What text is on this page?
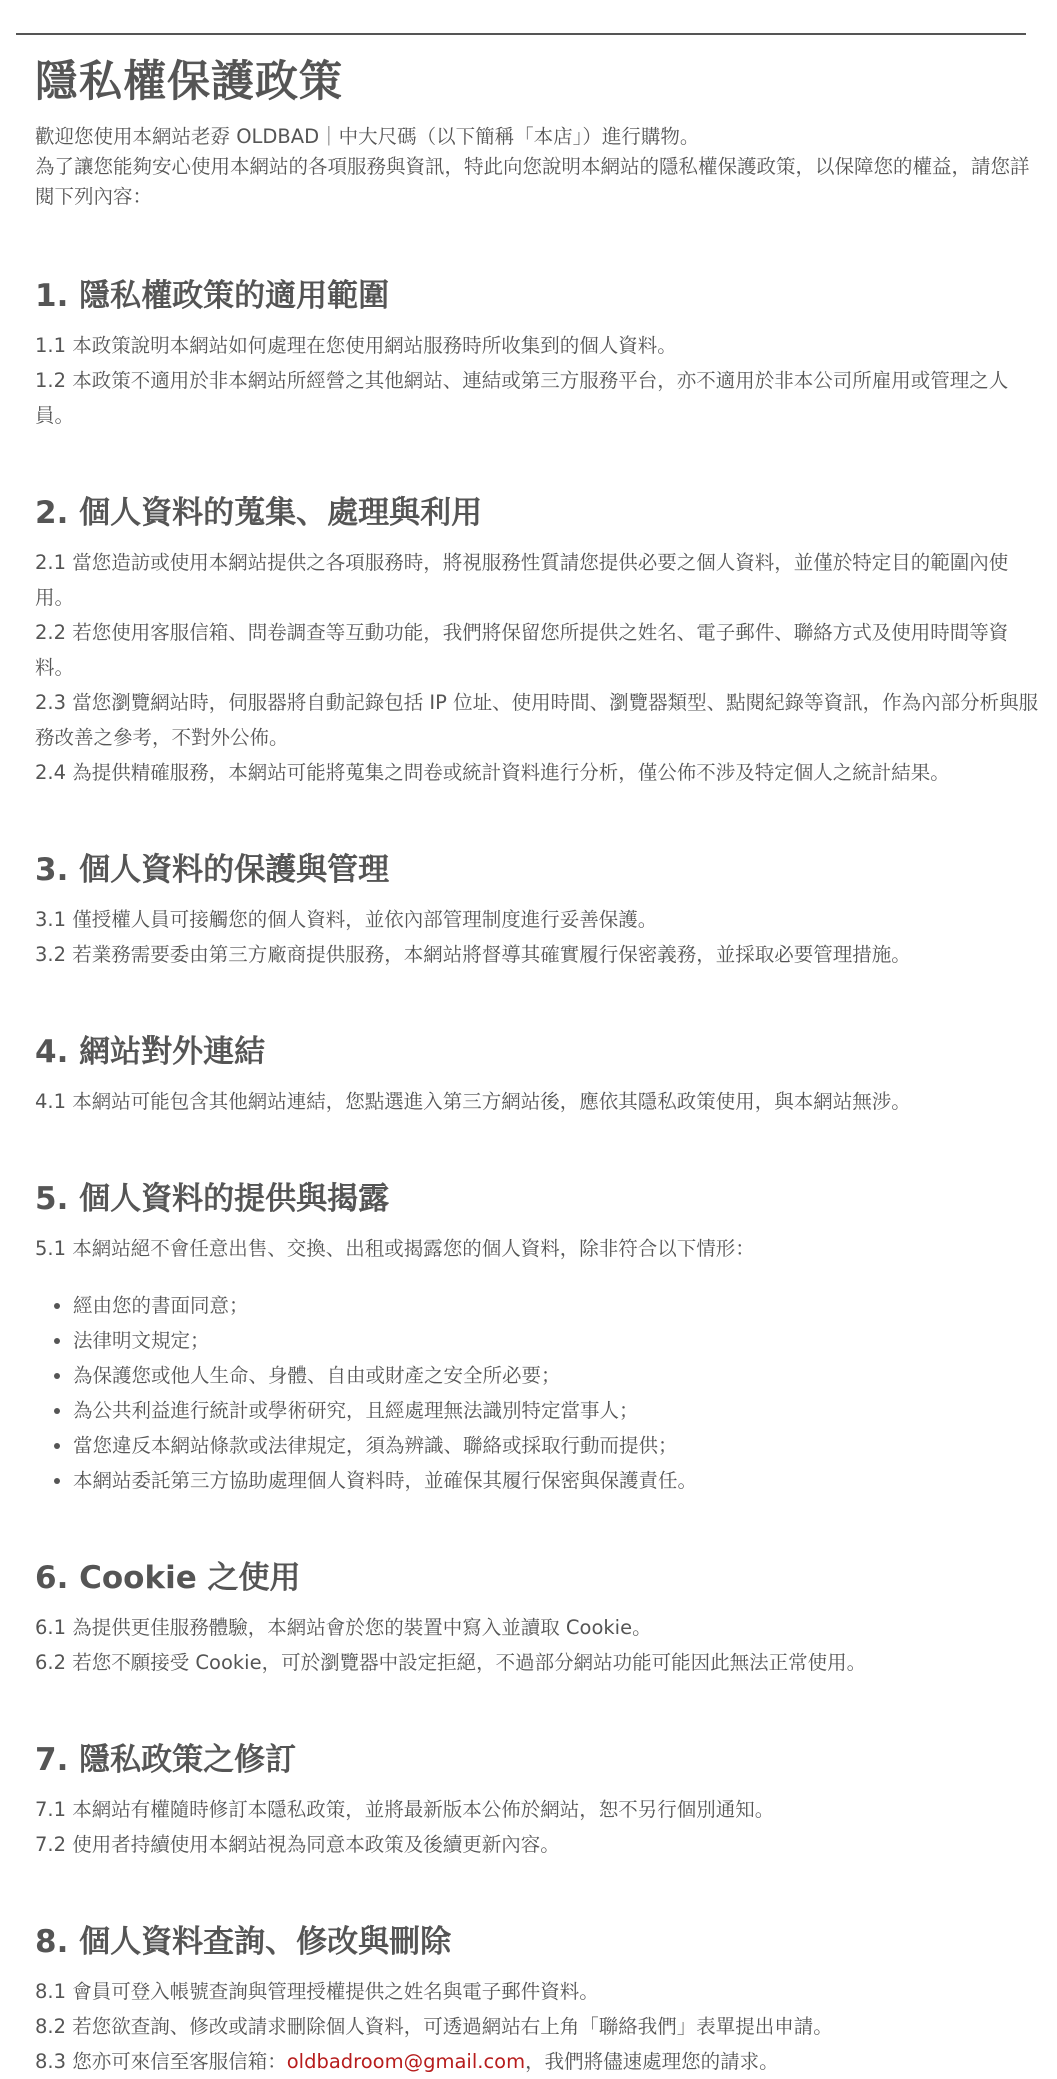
隱私權保護政策

歡迎您使用本網站老孬 OLDBAD｜中大尺碼（以下簡稱「本店」）進行購物。

為了讓您能夠安心使用本網站的各項服務與資訊，特此向您說明本網站的隱私權保護政策，以保障您的權益，請您詳閱下列內容：

1. 隱私權政策的適用範圍

1.1 本政策說明本網站如何處理在您使用網站服務時所收集到的個人資料。

1.2 本政策不適用於非本網站所經營之其他網站、連結或第三方服務平台，亦不適用於非本公司所雇用或管理之人員。

2. 個人資料的蒐集、處理與利用

2.1 當您造訪或使用本網站提供之各項服務時，將視服務性質請您提供必要之個人資料，並僅於特定目的範圍內使用。

2.2 若您使用客服信箱、問卷調查等互動功能，我們將保留您所提供之姓名、電子郵件、聯絡方式及使用時間等資料。

2.3 當您瀏覽網站時，伺服器將自動記錄包括 IP 位址、使用時間、瀏覽器類型、點閱紀錄等資訊，作為內部分析與服務改善之參考，不對外公佈。

2.4 為提供精確服務，本網站可能將蒐集之問卷或統計資料進行分析，僅公佈不涉及特定個人之統計結果。

3. 個人資料的保護與管理

3.1 僅授權人員可接觸您的個人資料，並依內部管理制度進行妥善保護。

3.2 若業務需要委由第三方廠商提供服務，本網站將督導其確實履行保密義務，並採取必要管理措施。

4. 網站對外連結

4.1 本網站可能包含其他網站連結，您點選進入第三方網站後，應依其隱私政策使用，與本網站無涉。

5. 個人資料的提供與揭露

5.1 本網站絕不會任意出售、交換、出租或揭露您的個人資料，除非符合以下情形：

• 經由您的書面同意；
• 法律明文規定；
• 為保護您或他人生命、身體、自由或財產之安全所必要；
• 為公共利益進行統計或學術研究，且經處理無法識別特定當事人；
• 當您違反本網站條款或法律規定，須為辨識、聯絡或採取行動而提供；
• 本網站委託第三方協助處理個人資料時，並確保其履行保密與保護責任。
6. Cookie 之使用

6.1 為提供更佳服務體驗，本網站會於您的裝置中寫入並讀取 Cookie。

6.2 若您不願接受 Cookie，可於瀏覽器中設定拒絕，不過部分網站功能可能因此無法正常使用。

7. 隱私政策之修訂

7.1 本網站有權隨時修訂本隱私政策，並將最新版本公佈於網站，恕不另行個別通知。

7.2 使用者持續使用本網站視為同意本政策及後續更新內容。

8. 個人資料查詢、修改與刪除

8.1 會員可登入帳號查詢與管理授權提供之姓名與電子郵件資料。

8.2 若您欲查詢、修改或請求刪除個人資料，可透過網站右上角「聯絡我們」表單提出申請。

8.3 您亦可來信至客服信箱：oldbadroom@gmail.com，我們將儘速處理您的請求。
